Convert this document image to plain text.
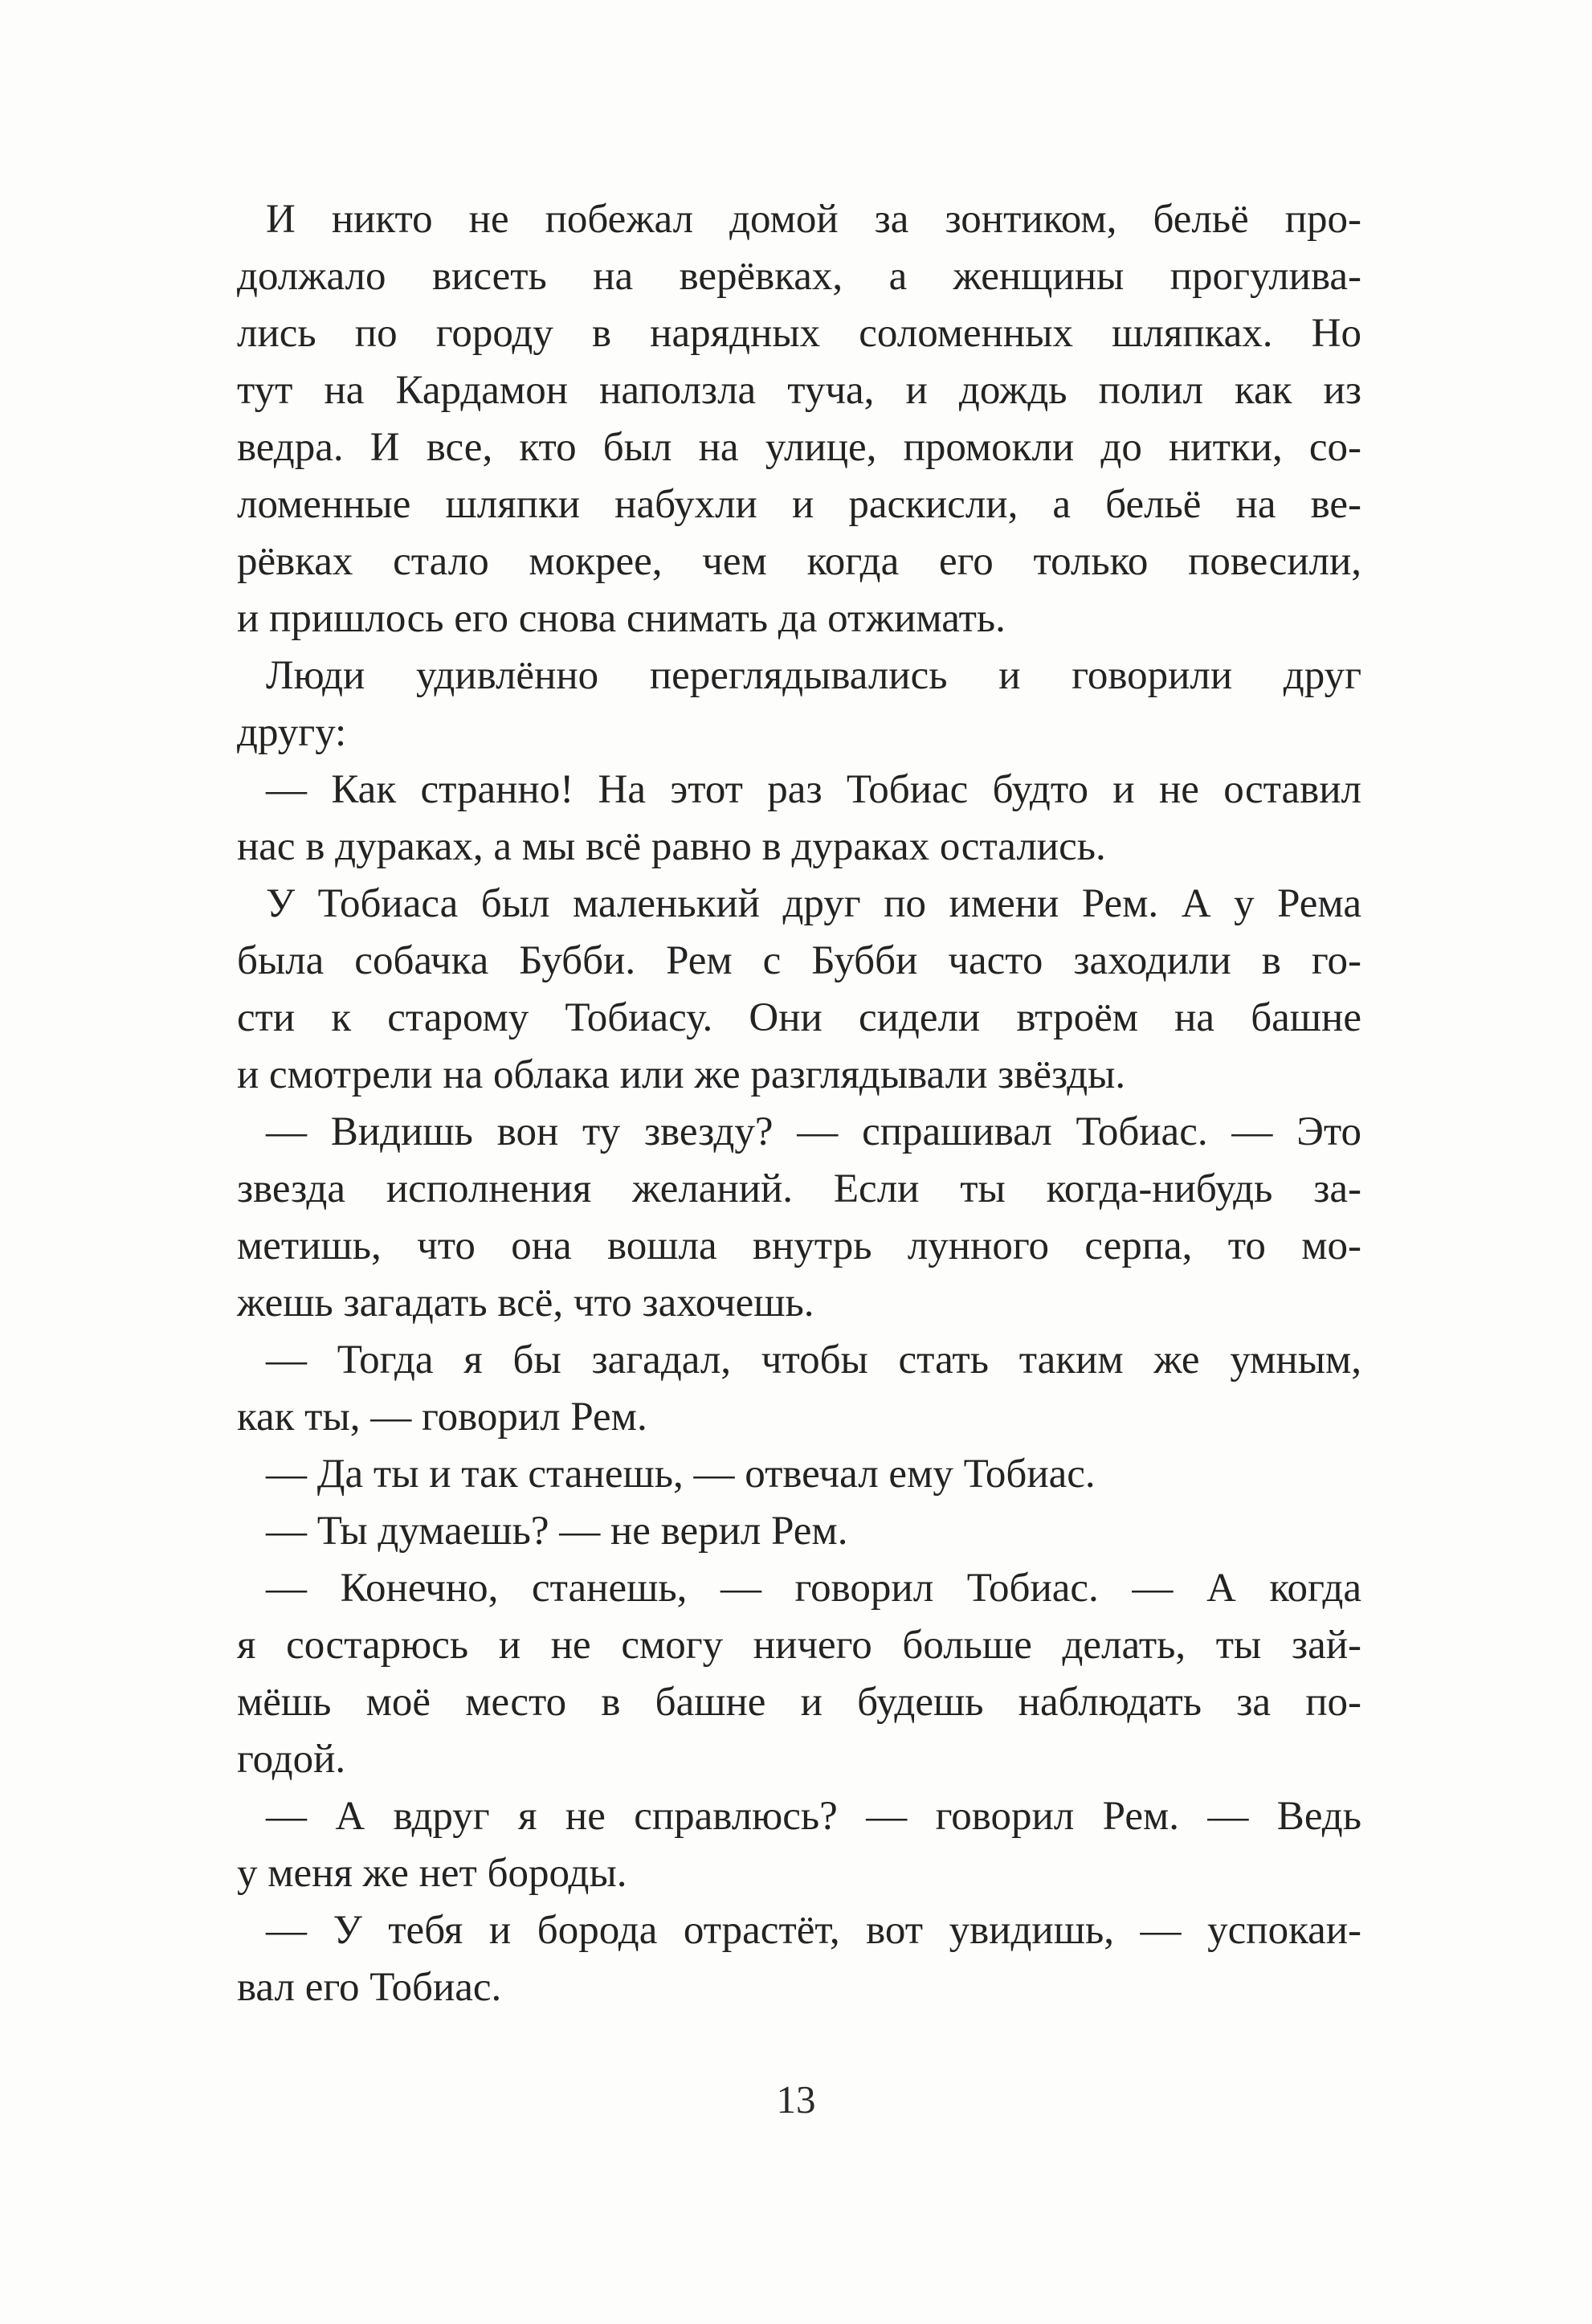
И никто не побежал домой за зонтиком, бельё про-
должало висеть на верёвках, а женщины прогулива-
лись по городу в нарядных соломенных шляпках. Но
тут на Кардамон наползла туча, и дождь полил как из
ведра. И все, кто был на улице, промокли до нитки, со-
ломенные шляпки набухли и раскисли, а бельё на ве-
рёвках стало мокрее, чем когда его только повесили,
и пришлось его снова снимать да отжимать.
Люди удивлённо переглядывались и говорили друг
другу:
— Как странно! На этот раз Тобиас будто и не оставил
нас в дураках, а мы всё равно в дураках остались.
У Тобиаса был маленький друг по имени Рем. А у Рема
была собачка Бубби. Рем с Бубби часто заходили в го-
сти к старому Тобиасу. Они сидели втроём на башне
и смотрели на облака или же разглядывали звёзды.
— Видишь вон ту звезду? — спрашивал Тобиас. — Это
звезда исполнения желаний. Если ты когда-нибудь за-
метишь, что она вошла внутрь лунного серпа, то мо-
жешь загадать всё, что захочешь.
— Тогда я бы загадал, чтобы стать таким же умным,
как ты, — говорил Рем.
— Да ты и так станешь, — отвечал ему Тобиас.
— Ты думаешь? — не верил Рем.
— Конечно, станешь, — говорил Тобиас. — А когда
я состарюсь и не смогу ничего больше делать, ты зай-
мёшь моё место в башне и будешь наблюдать за по-
годой.
— А вдруг я не справлюсь? — говорил Рем. — Ведь
у меня же нет бороды.
— У тебя и борода отрастёт, вот увидишь, — успокаи-
вал его Тобиас.
13
